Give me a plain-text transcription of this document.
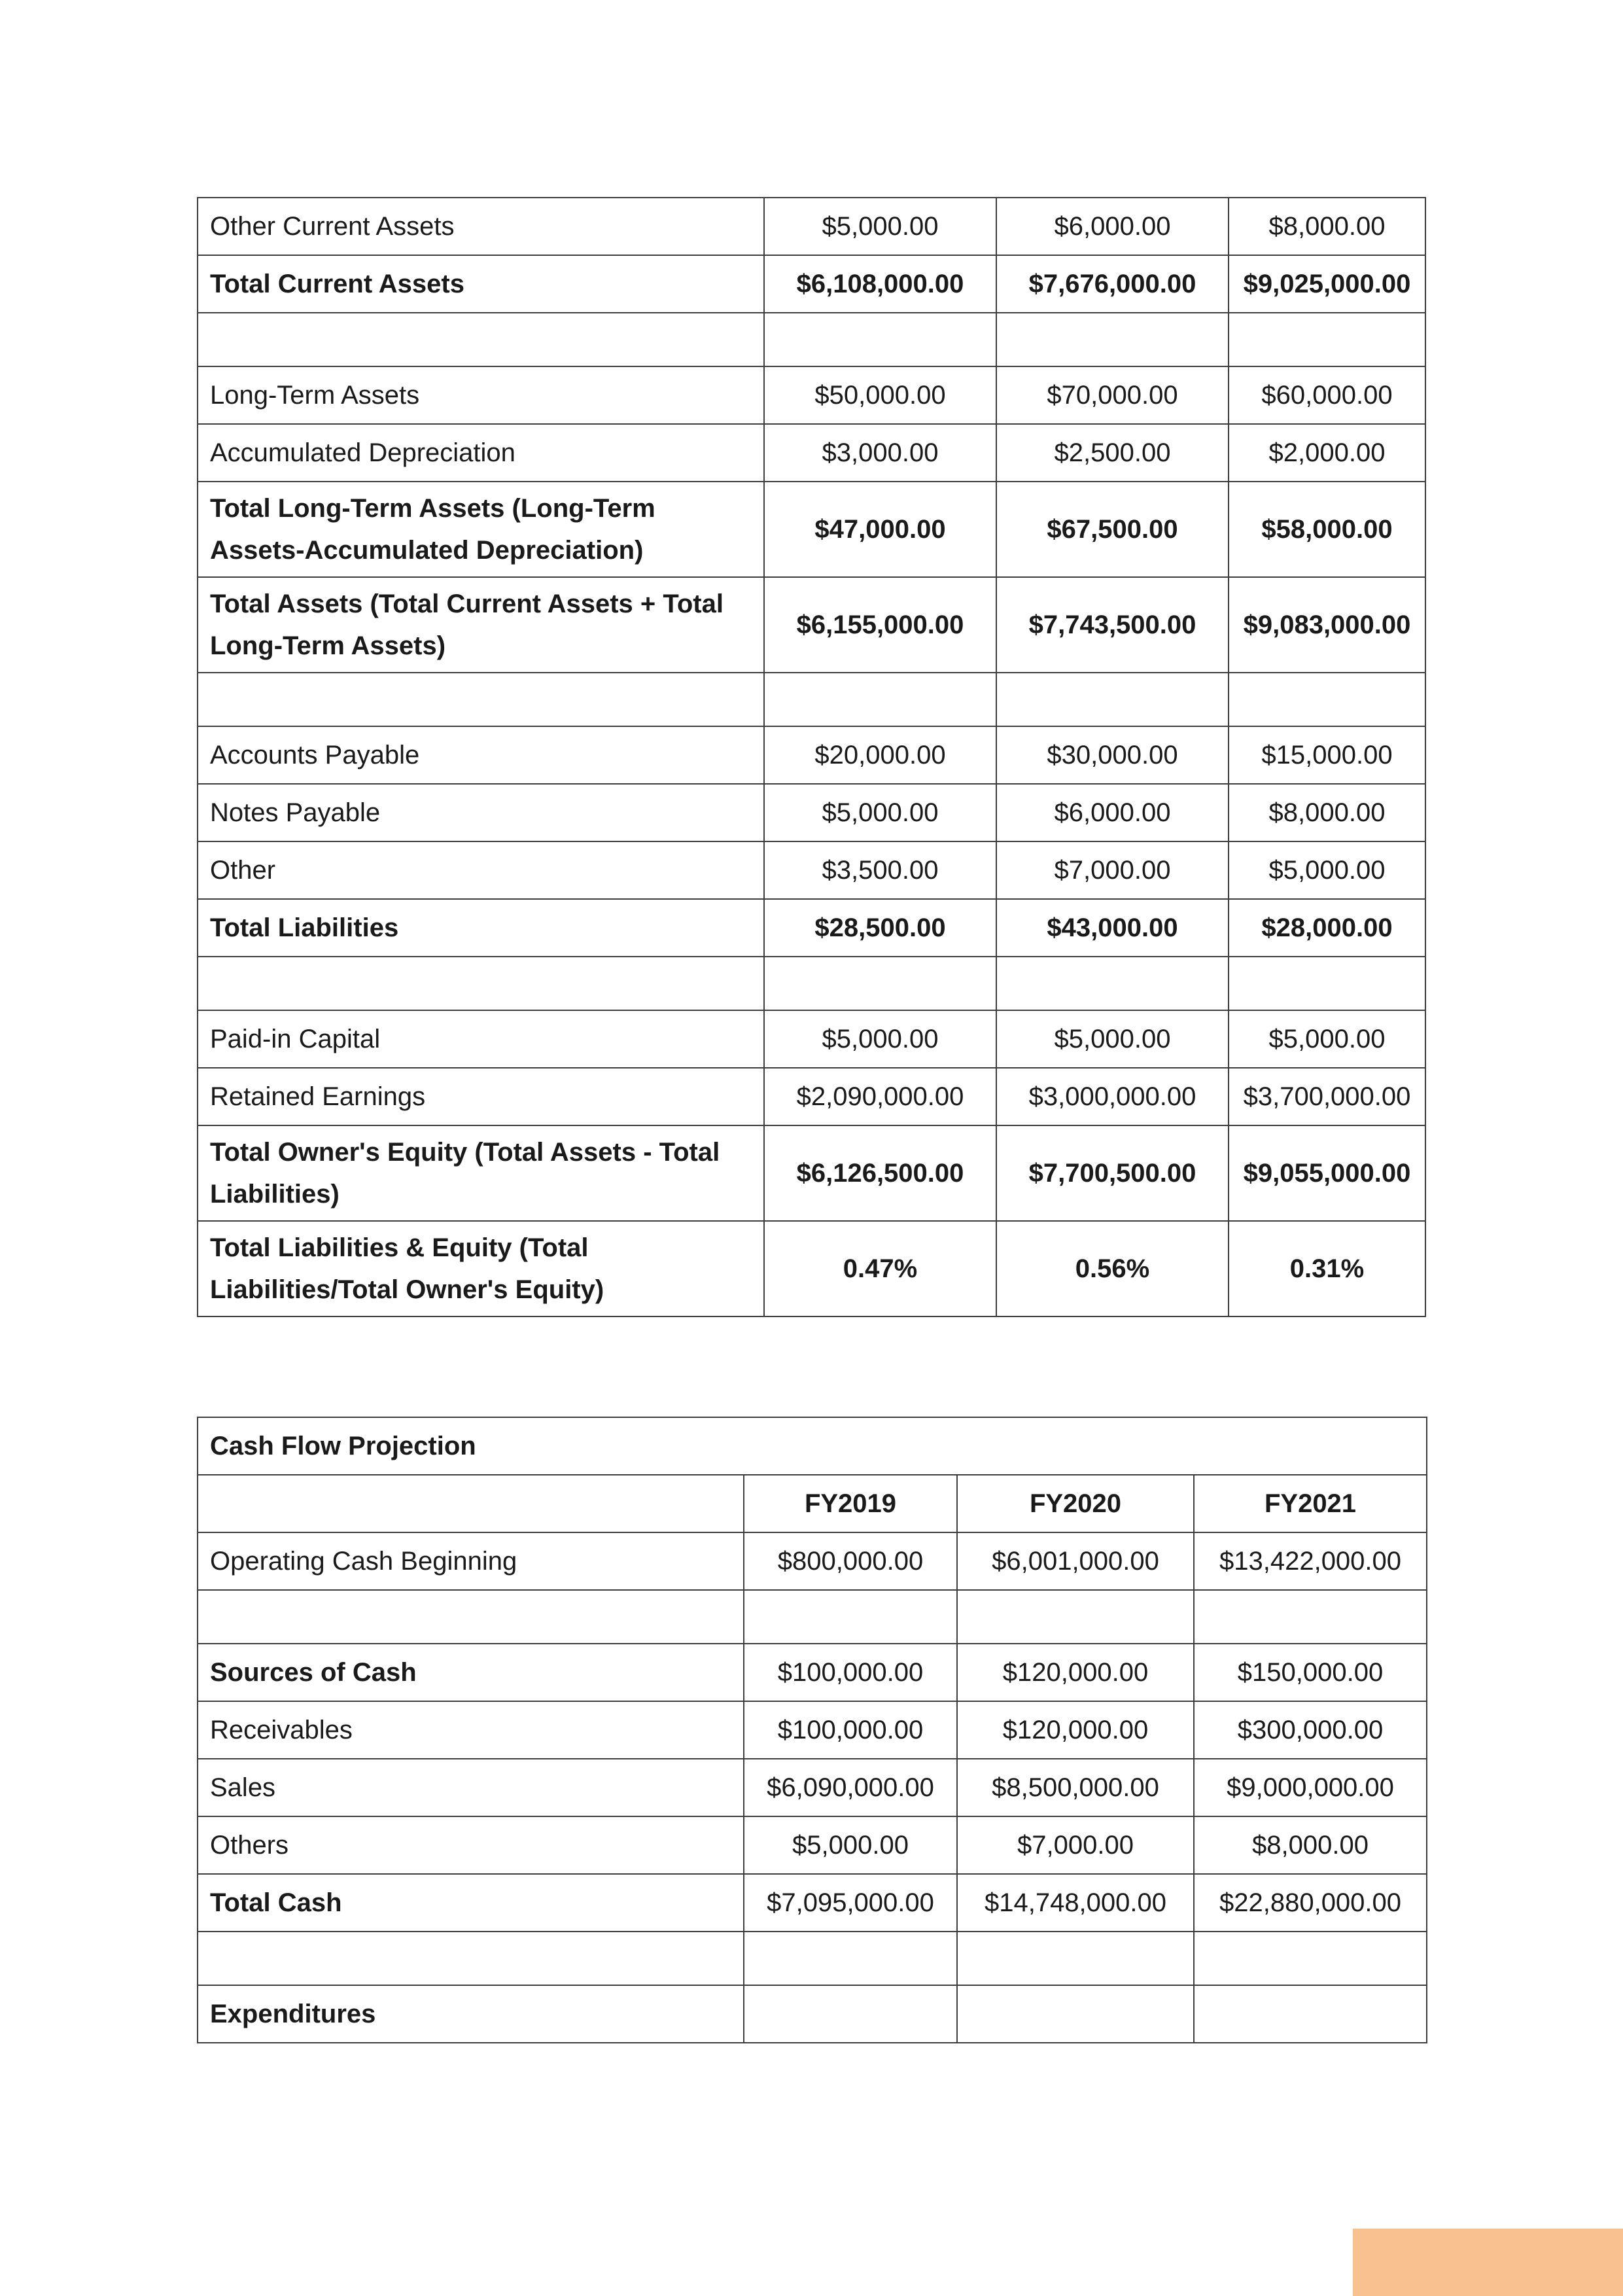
Other Current Assets	$5,000.00	$6,000.00	$8,000.00
Total Current Assets	$6,108,000.00	$7,676,000.00	$9,025,000.00

Long-Term Assets	$50,000.00	$70,000.00	$60,000.00
Accumulated Depreciation	$3,000.00	$2,500.00	$2,000.00
Total Long-Term Assets (Long-Term Assets-Accumulated Depreciation)	$47,000.00	$67,500.00	$58,000.00
Total Assets (Total Current Assets + Total Long-Term Assets)	$6,155,000.00	$7,743,500.00	$9,083,000.00

Accounts Payable	$20,000.00	$30,000.00	$15,000.00
Notes Payable	$5,000.00	$6,000.00	$8,000.00
Other	$3,500.00	$7,000.00	$5,000.00
Total Liabilities	$28,500.00	$43,000.00	$28,000.00

Paid-in Capital	$5,000.00	$5,000.00	$5,000.00
Retained Earnings	$2,090,000.00	$3,000,000.00	$3,700,000.00
Total Owner's Equity (Total Assets - Total Liabilities)	$6,126,500.00	$7,700,500.00	$9,055,000.00
Total Liabilities & Equity (Total Liabilities/Total Owner's Equity)	0.47%	0.56%	0.31%
Cash Flow Projection			
	FY2019	FY2020	FY2021
Operating Cash Beginning	$800,000.00	$6,001,000.00	$13,422,000.00

Sources of Cash	$100,000.00	$120,000.00	$150,000.00
Receivables	$100,000.00	$120,000.00	$300,000.00
Sales	$6,090,000.00	$8,500,000.00	$9,000,000.00
Others	$5,000.00	$7,000.00	$8,000.00
Total Cash	$7,095,000.00	$14,748,000.00	$22,880,000.00

Expenditures			
